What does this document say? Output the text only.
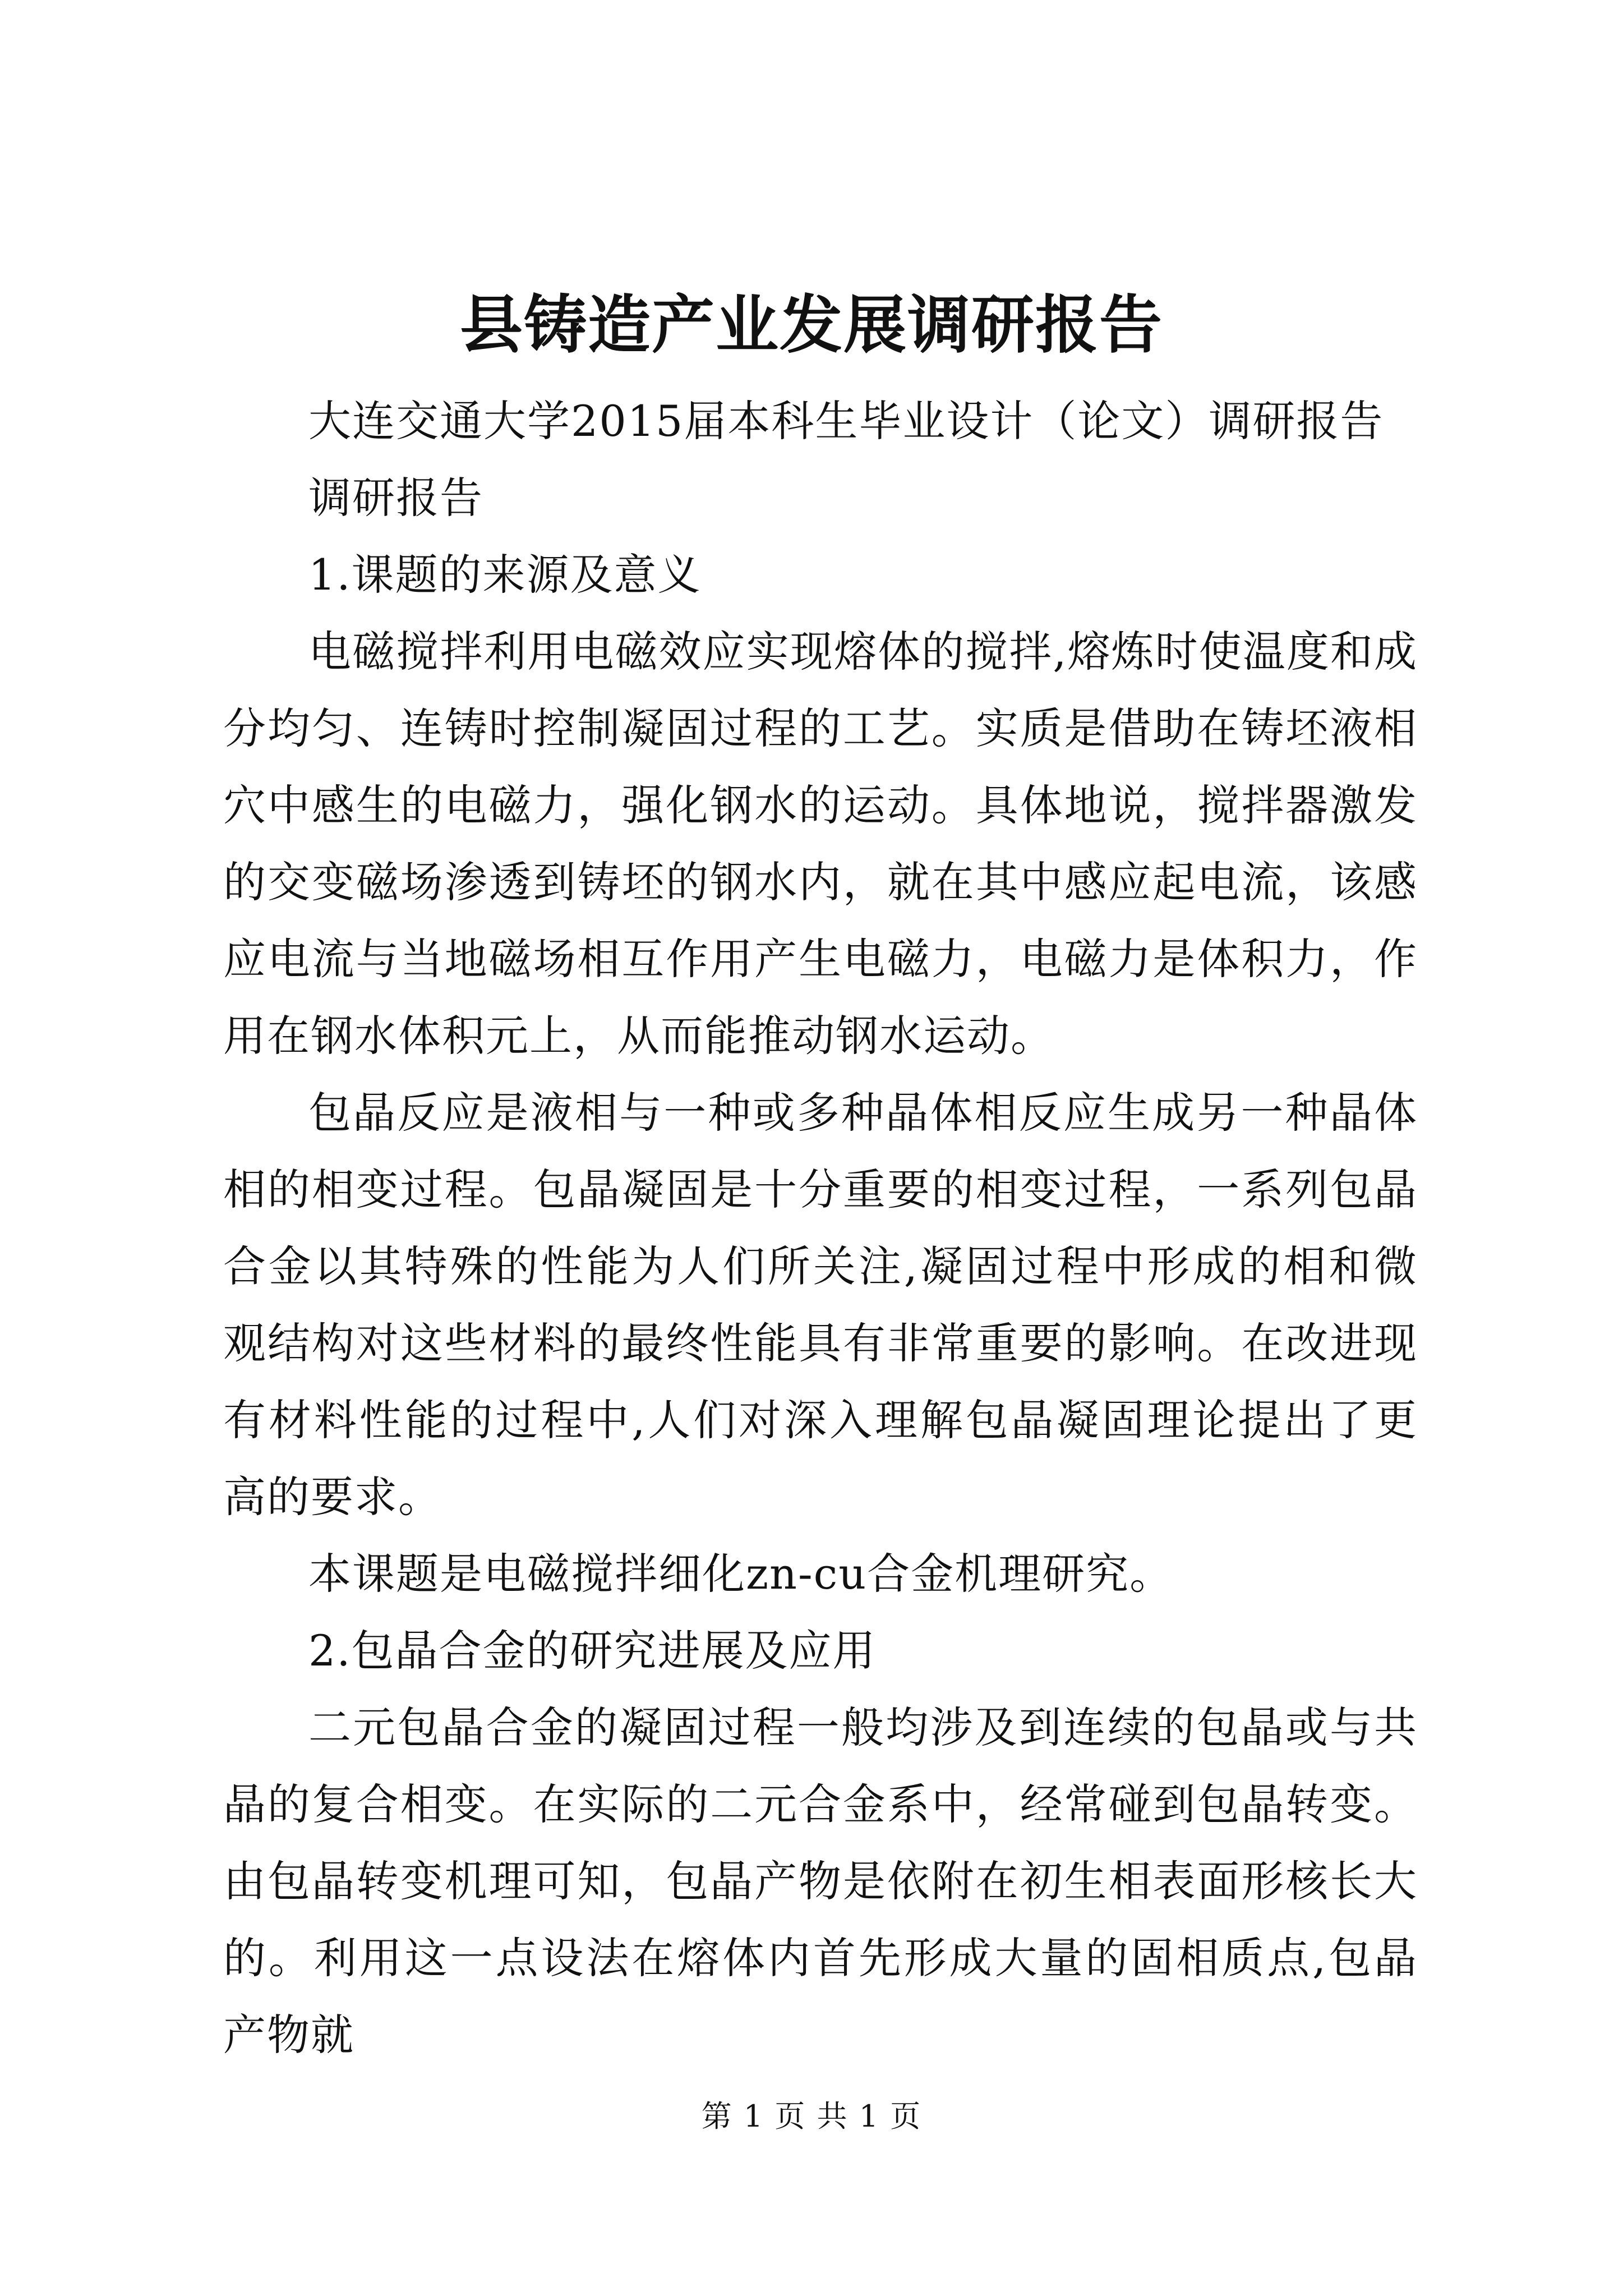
县铸造产业发展调研报告

大连交通大学2015届本科生毕业设计（论文）调研报告

调研报告

1.课题的来源及意义

电磁搅拌利用电磁效应实现熔体的搅拌,熔炼时使温度和成分均匀、连铸时控制凝固过程的工艺。实质是借助在铸坯液相穴中感生的电磁力，强化钢水的运动。具体地说，搅拌器激发的交变磁场渗透到铸坯的钢水内，就在其中感应起电流，该感应电流与当地磁场相互作用产生电磁力，电磁力是体积力，作用在钢水体积元上，从而能推动钢水运动。

包晶反应是液相与一种或多种晶体相反应生成另一种晶体相的相变过程。包晶凝固是十分重要的相变过程，一系列包晶合金以其特殊的性能为人们所关注,凝固过程中形成的相和微观结构对这些材料的最终性能具有非常重要的影响。在改进现有材料性能的过程中,人们对深入理解包晶凝固理论提出了更高的要求。

本课题是电磁搅拌细化zn-cu合金机理研究。

2.包晶合金的研究进展及应用

二元包晶合金的凝固过程一般均涉及到连续的包晶或与共晶的复合相变。在实际的二元合金系中，经常碰到包晶转变。由包晶转变机理可知，包晶产物是依附在初生相表面形核长大的。利用这一点设法在熔体内首先形成大量的固相质点,包晶产物就

第 1 页 共 1 页
